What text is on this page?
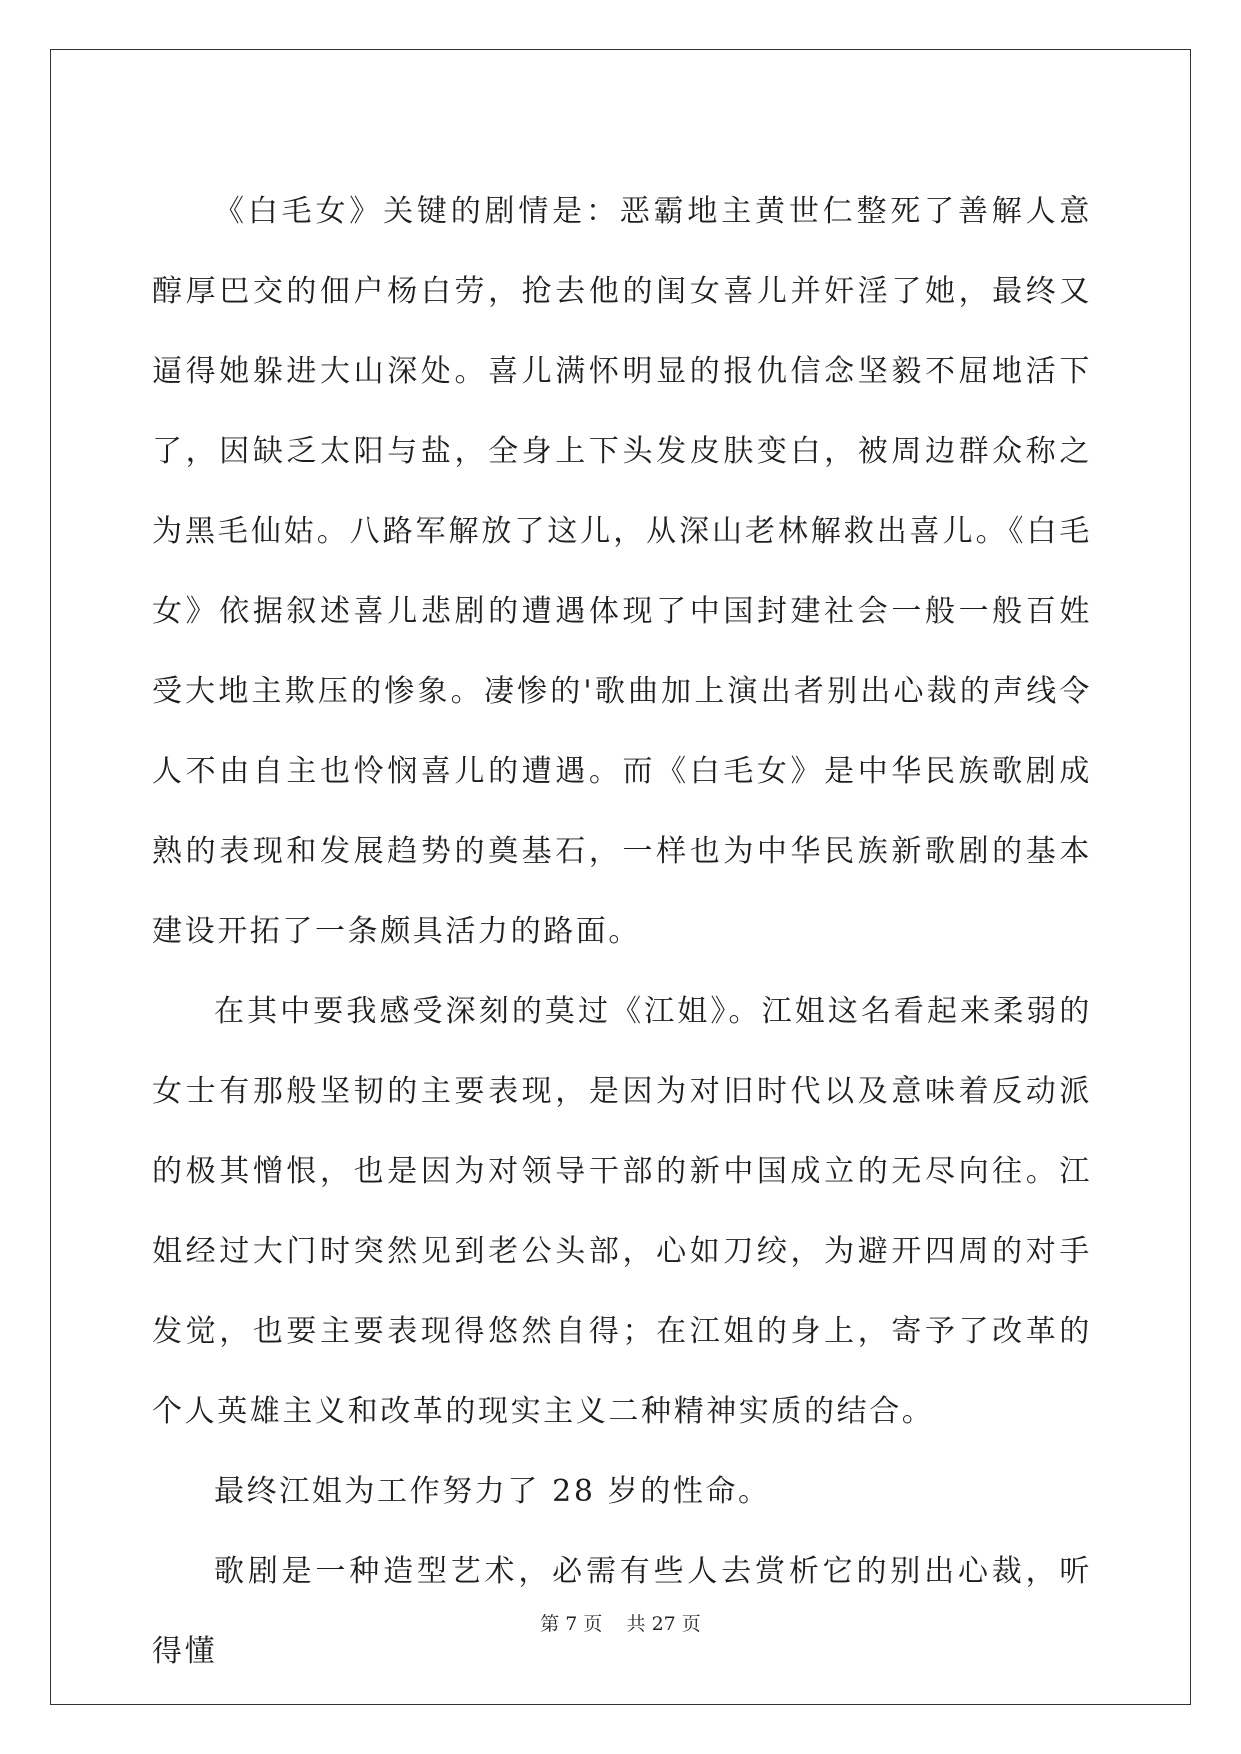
《白毛女》关键的剧情是：恶霸地主黄世仁整死了善解人意醇厚巴交的佃户杨白劳，抢去他的闺女喜儿并奸淫了她，最终又逼得她躲进大山深处。喜儿满怀明显的报仇信念坚毅不屈地活下了，因缺乏太阳与盐，全身上下头发皮肤变白，被周边群众称之为黑毛仙姑。八路军解放了这儿，从深山老林解救出喜儿。《白毛女》依据叙述喜儿悲剧的遭遇体现了中国封建社会一般一般百姓受大地主欺压的惨象。凄惨的'歌曲加上演出者别出心裁的声线令人不由自主也怜悯喜儿的遭遇。而《白毛女》是中华民族歌剧成熟的表现和发展趋势的奠基石，一样也为中华民族新歌剧的基本建设开拓了一条颇具活力的路面。

在其中要我感受深刻的莫过《江姐》。江姐这名看起来柔弱的女士有那般坚韧的主要表现，是因为对旧时代以及意味着反动派的极其憎恨，也是因为对领导干部的新中国成立的无尽向往。江姐经过大门时突然见到老公头部，心如刀绞，为避开四周的对手发觉，也要主要表现得悠然自得；在江姐的身上，寄予了改革的个人英雄主义和改革的现实主义二种精神实质的结合。

最终江姐为工作努力了 28 岁的性命。

歌剧是一种造型艺术，必需有些人去赏析它的别出心裁，听得懂

第 7 页 共 27 页
